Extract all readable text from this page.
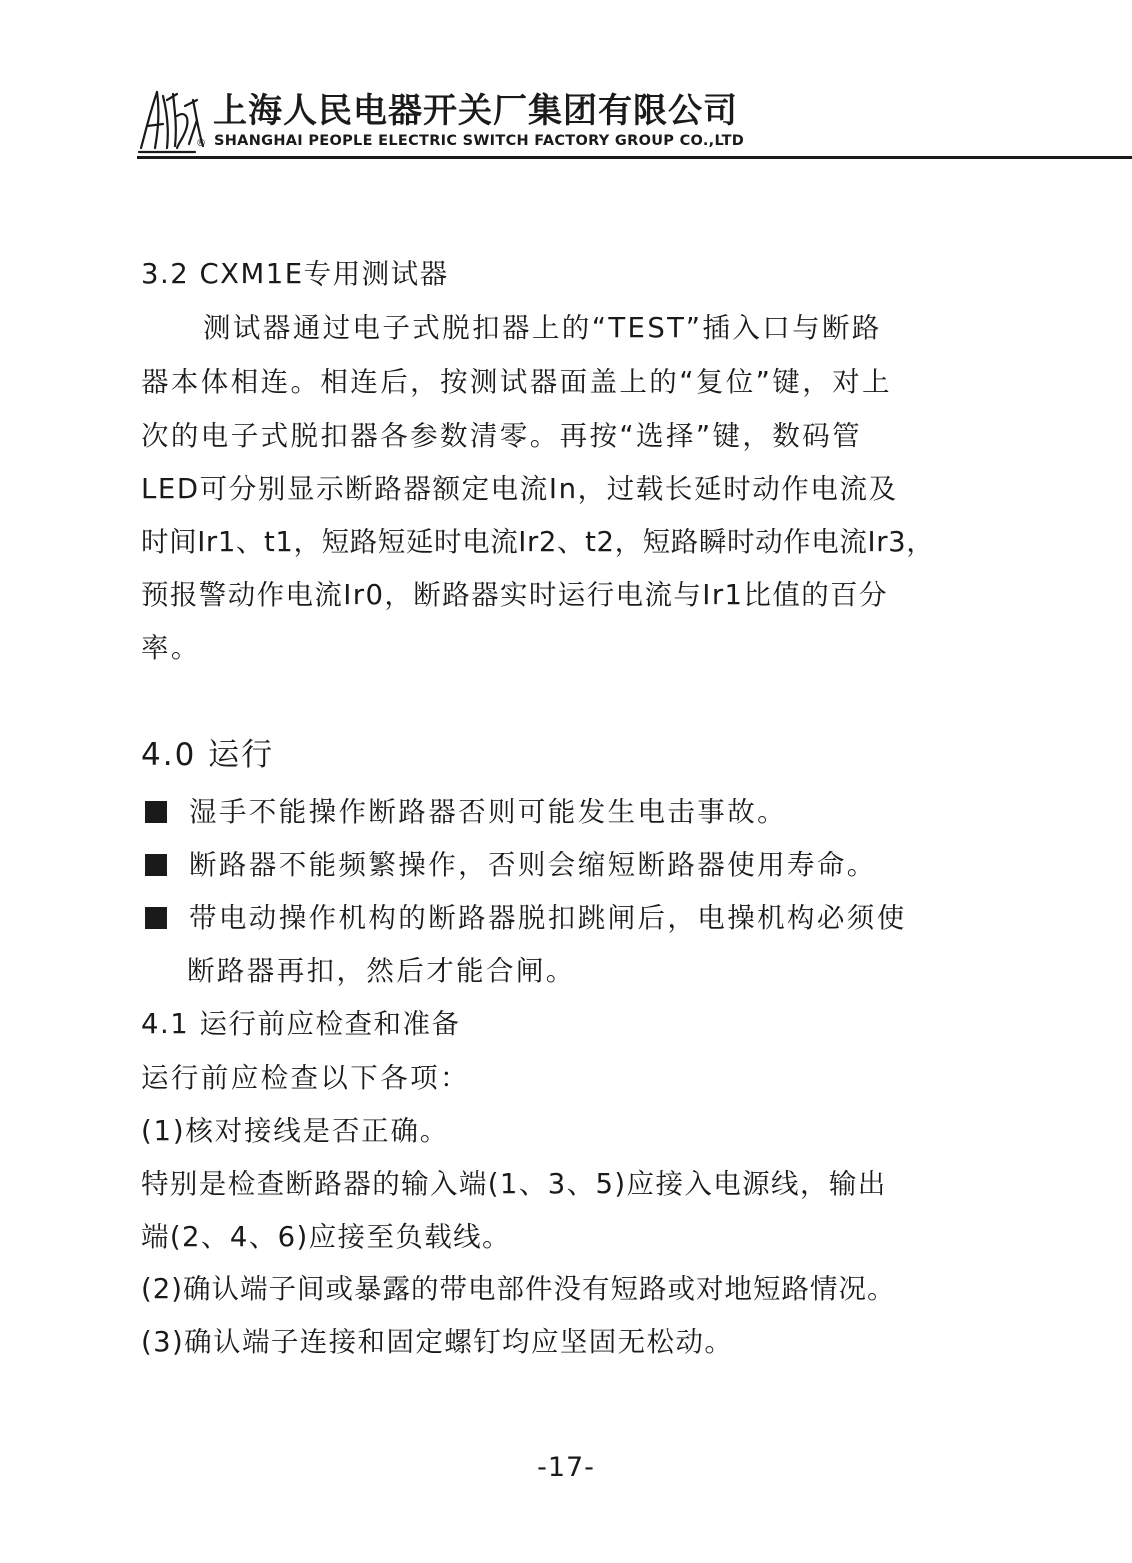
®
上海人民电器开关厂集团有限公司
SHANGHAI PEOPLE ELECTRIC SWITCH FACTORY GROUP CO.,LTD
3.2 CXM1E专用测试器
测试器通过电子式脱扣器上的“TEST”插入口与断路
器本体相连。相连后，按测试器面盖上的“复位”键，对上
次的电子式脱扣器各参数清零。再按“选择”键，数码管
LED可分别显示断路器额定电流In，过载长延时动作电流及
时间Ir1、t1，短路短延时电流Ir2、t2，短路瞬时动作电流Ir3，
预报警动作电流Ir0，断路器实时运行电流与Ir1比值的百分
率。
4.0 运行
湿手不能操作断路器否则可能发生电击事故。
断路器不能频繁操作，否则会缩短断路器使用寿命。
带电动操作机构的断路器脱扣跳闸后，电操机构必须使
断路器再扣，然后才能合闸。
4.1 运行前应检查和准备
运行前应检查以下各项：
(1)核对接线是否正确。
特别是检查断路器的输入端(1、3、5)应接入电源线，输出
端(2、4、6)应接至负载线。
(2)确认端子间或暴露的带电部件没有短路或对地短路情况。
(3)确认端子连接和固定螺钉均应坚固无松动。
-17-
